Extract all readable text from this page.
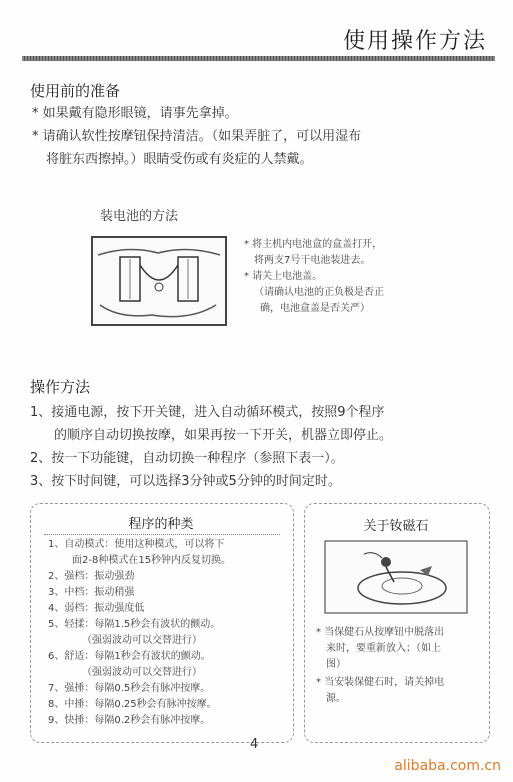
使用操作方法
使用前的准备
* 如果戴有隐形眼镜，请事先拿掉。
* 请确认软性按摩钮保持清洁。（如果弄脏了，可以用湿布
将脏东西擦掉。）眼睛受伤或有炎症的人禁戴。
装电池的方法
* 将主机内电池盒的盒盖打开，
将两支7号干电池装进去。
* 请关上电池盖。
（请确认电池的正负极是否正
确，电池盒盖是否关严）
操作方法
1、接通电源，按下开关键，进入自动循环模式，按照9个程序
的顺序自动切换按摩，如果再按一下开关，机器立即停止。
2、按一下功能键，自动切换一种程序（参照下表一）。
3、按下时间键，可以选择3分钟或5分钟的时间定时。
程序的种类
1、自动模式：使用这种模式，可以将下
面2-8种模式在15秒钟内反复切换。
2、强档：振动强劲
3、中档：振动稍强
4、弱档：振动强度低
5、轻揉：每隔1.5秒会有波状的颤动。
（强弱波动可以交替进行）
6、舒适：每隔1秒会有波状的颤动。
（强弱波动可以交替进行）
7、强捶：每隔0.5秒会有脉冲按摩。
8、中捶：每隔0.25秒会有脉冲按摩。
9、快捶：每隔0.2秒会有脉冲按摩。
关于钕磁石
* 当保健石从按摩钮中脱落出
来时，要重新放入；（如上
图）
* 当安装保健石时，请关掉电
源。
4
alibaba.com.cn
